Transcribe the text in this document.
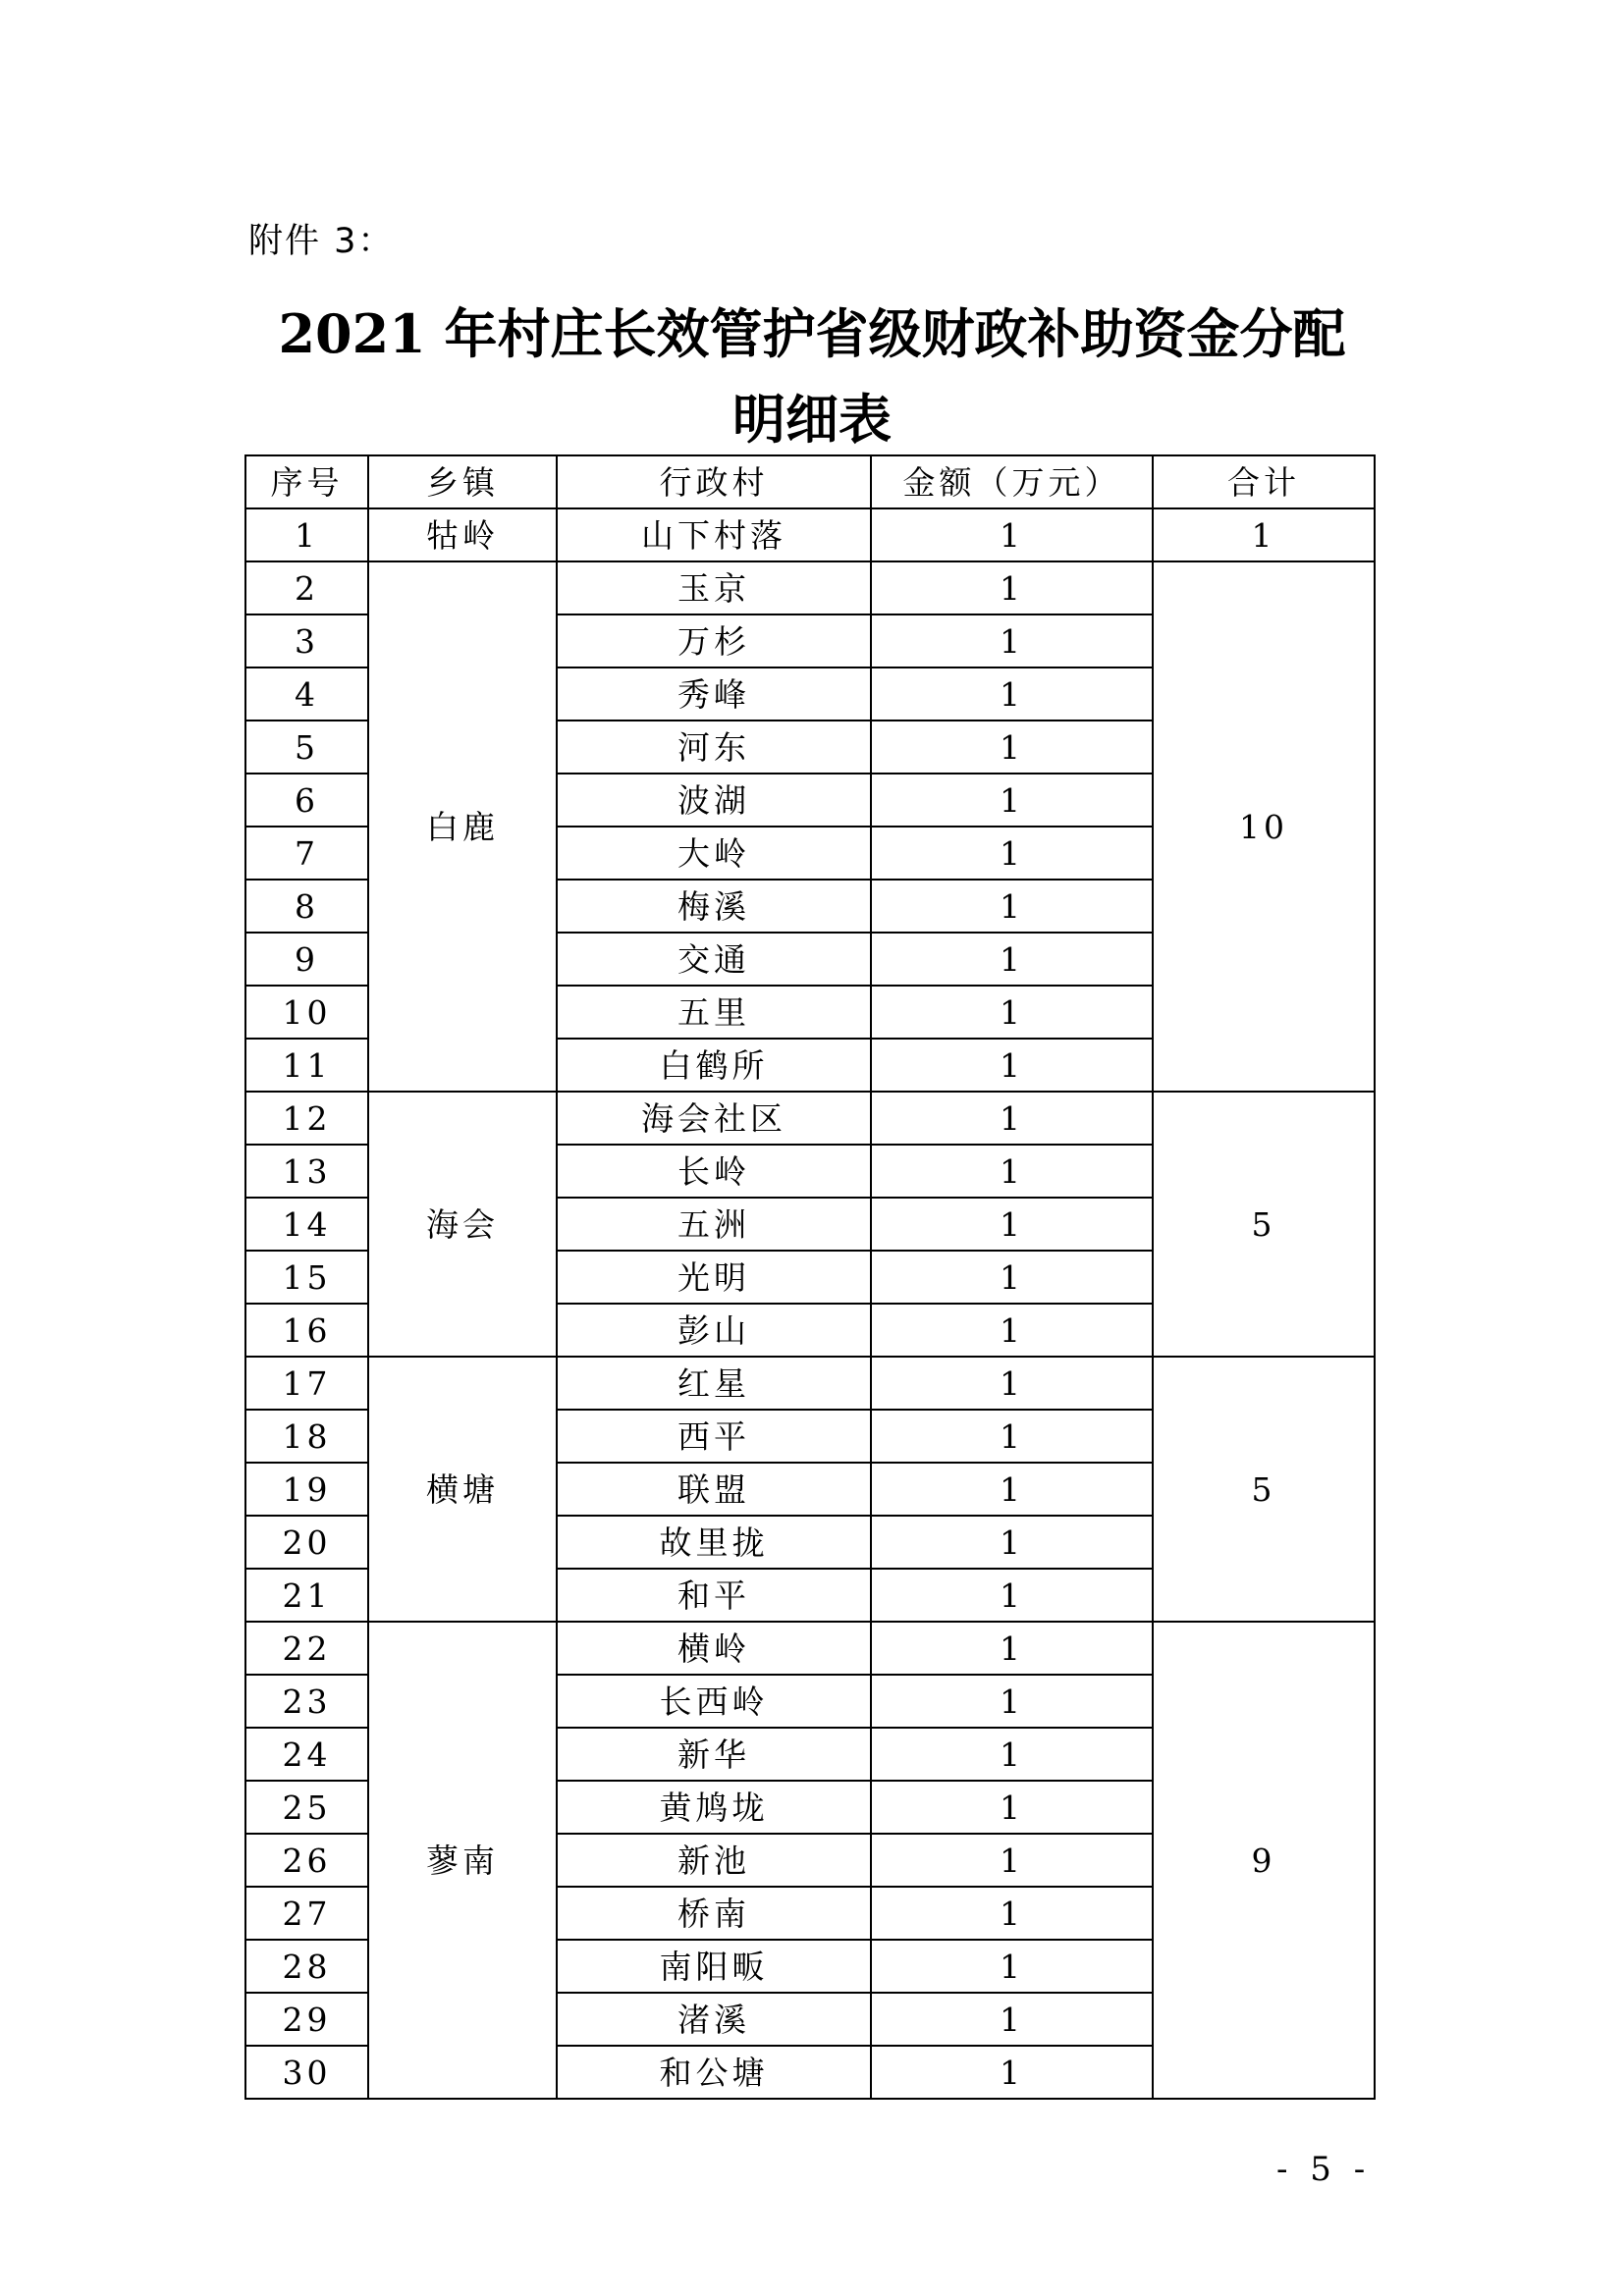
附件 3：
2021 年村庄长效管护省级财政补助资金分配
明细表
序号	乡镇	行政村	金额（万元）	合计
1	牯岭	山下村落	1	1
2	白鹿	玉京	1	10
3		万杉	1	
4		秀峰	1	
5		河东	1	
6		波湖	1	
7		大岭	1	
8		梅溪	1	
9		交通	1	
10		五里	1	
11		白鹤所	1	
12	海会	海会社区	1	5
13		长岭	1	
14		五洲	1	
15		光明	1	
16		彭山	1	
17	横塘	红星	1	5
18		西平	1	
19		联盟	1	
20		故里拢	1	
21		和平	1	
22	蓼南	横岭	1	9
23		长西岭	1	
24		新华	1	
25		黄鸠垅	1	
26		新池	1	
27		桥南	1	
28		南阳畈	1	
29		渚溪	1	
30		和公塘	1	
- 5 -
